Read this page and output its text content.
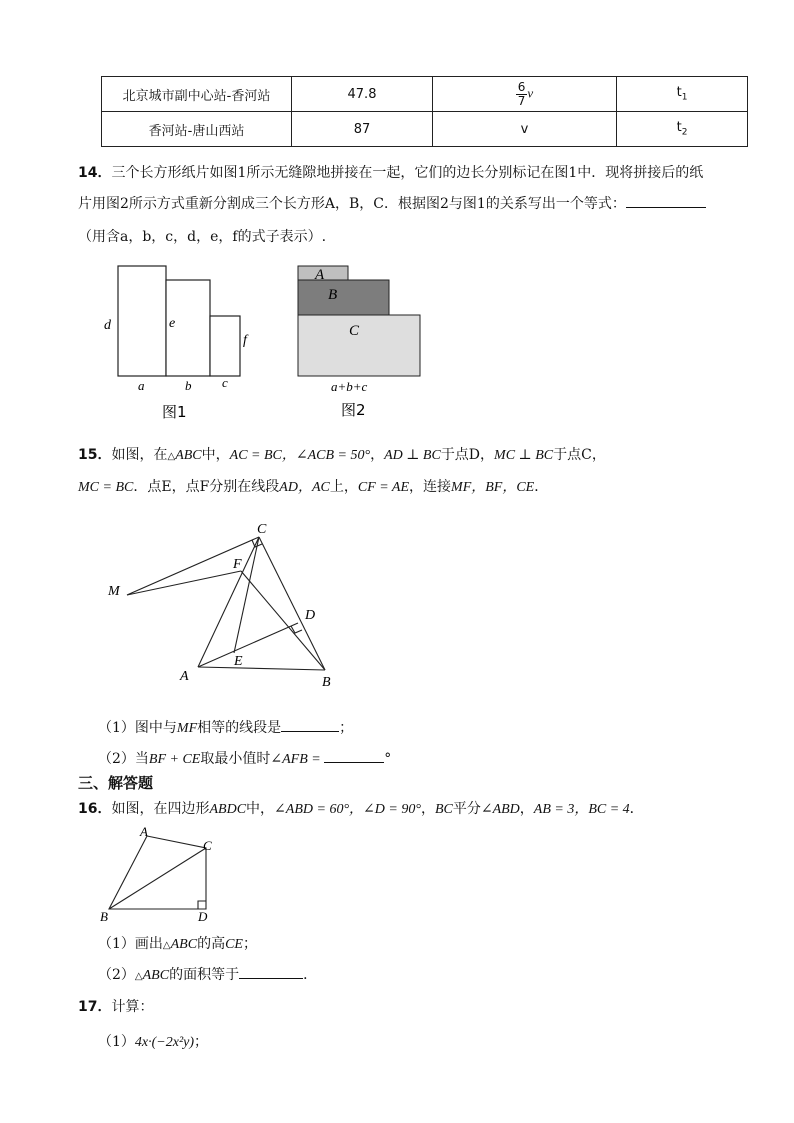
北京城市副中心站-香河站	47.8	$\frac{6}{7}$ v	$t_1$
香河站-唐山西站	87	v	$t_2$
14．三个长方形纸片如图1所示无缝隙地拼接在一起，它们的边长分别标记在图1中．现将拼接后的纸
片用图2所示方式重新分割成三个长方形A，B，C．根据图2与图1的关系写出一个等式：
（用含a，b，c，d，e，f的式子表示）.
d	e
f
a	b c
图1
A
B
C
a+b+c
图2
15．如图，在△ABC中，AC = BC，∠ACB = 50°，AD ⊥ BC于点D，MC ⊥ BC于点C，
MC = BC．点E，点F分别在线段AD，AC上，CF = AE，连接MF，BF，CE．
C
F
M
D
E
A	B
（1）图中与MF相等的线段是	；
（2）当BF + CE取最小值时∠AFB =	°
三、解答题
16．如图，在四边形ABDC中，∠ABD = 60°，∠D = 90°，BC平分∠ABD，AB = 3，BC = 4．
A
B
C
D
（1）画出△ABC的高CE；
（2）△ABC的面积等于	．
17．计算：
（1）4x·(−2x²y)；
